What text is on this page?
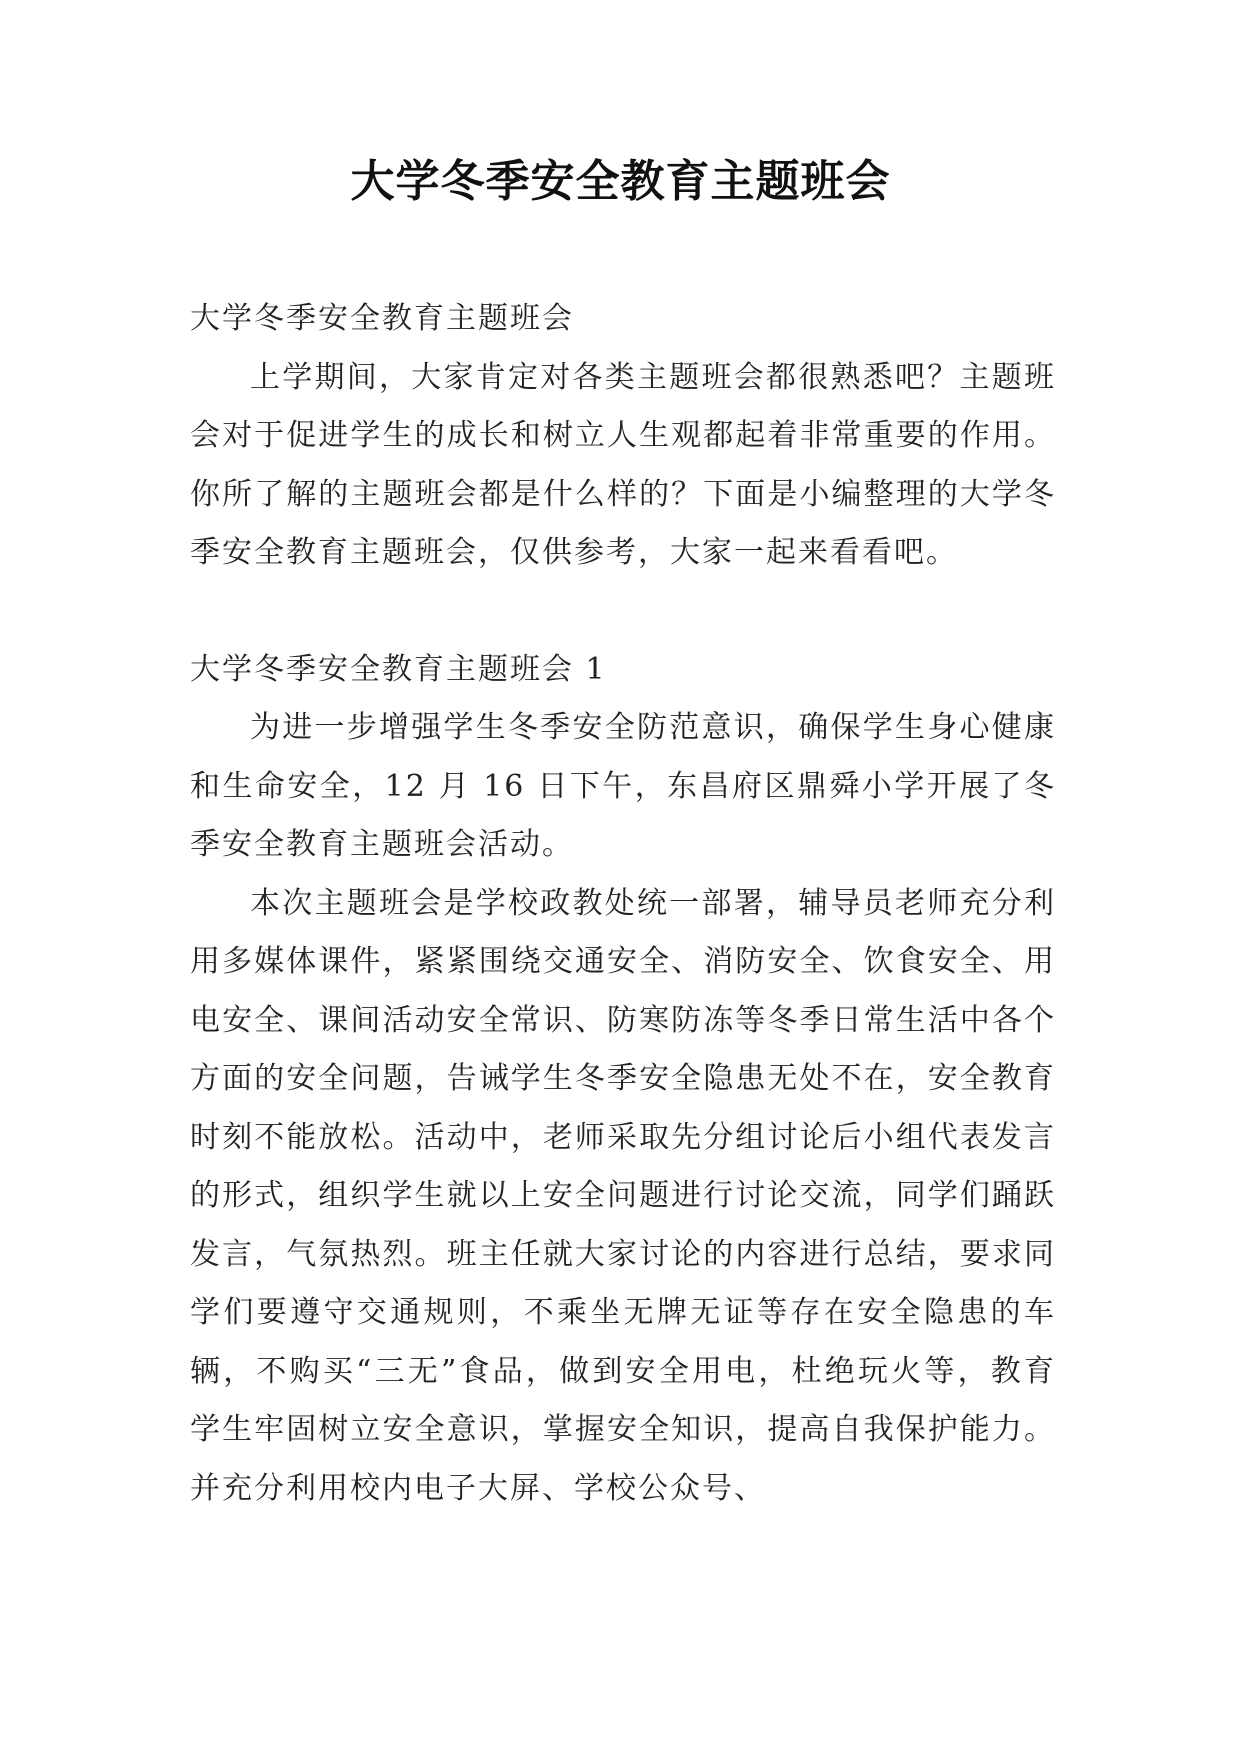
大学冬季安全教育主题班会

大学冬季安全教育主题班会

上学期间，大家肯定对各类主题班会都很熟悉吧？主题班会对于促进学生的成长和树立人生观都起着非常重要的作用。你所了解的主题班会都是什么样的？下面是小编整理的大学冬季安全教育主题班会，仅供参考，大家一起来看看吧。

大学冬季安全教育主题班会 1

为进一步增强学生冬季安全防范意识，确保学生身心健康和生命安全，12 月 16 日下午，东昌府区鼎舜小学开展了冬季安全教育主题班会活动。

本次主题班会是学校政教处统一部署，辅导员老师充分利用多媒体课件，紧紧围绕交通安全、消防安全、饮食安全、用电安全、课间活动安全常识、防寒防冻等冬季日常生活中各个方面的安全问题，告诫学生冬季安全隐患无处不在，安全教育时刻不能放松。活动中，老师采取先分组讨论后小组代表发言的形式，组织学生就以上安全问题进行讨论交流，同学们踊跃发言，气氛热烈。班主任就大家讨论的内容进行总结，要求同学们要遵守交通规则，不乘坐无牌无证等存在安全隐患的车辆，不购买“三无”食品，做到安全用电，杜绝玩火等，教育学生牢固树立安全意识，掌握安全知识，提高自我保护能力。并充分利用校内电子大屏、学校公众号、
